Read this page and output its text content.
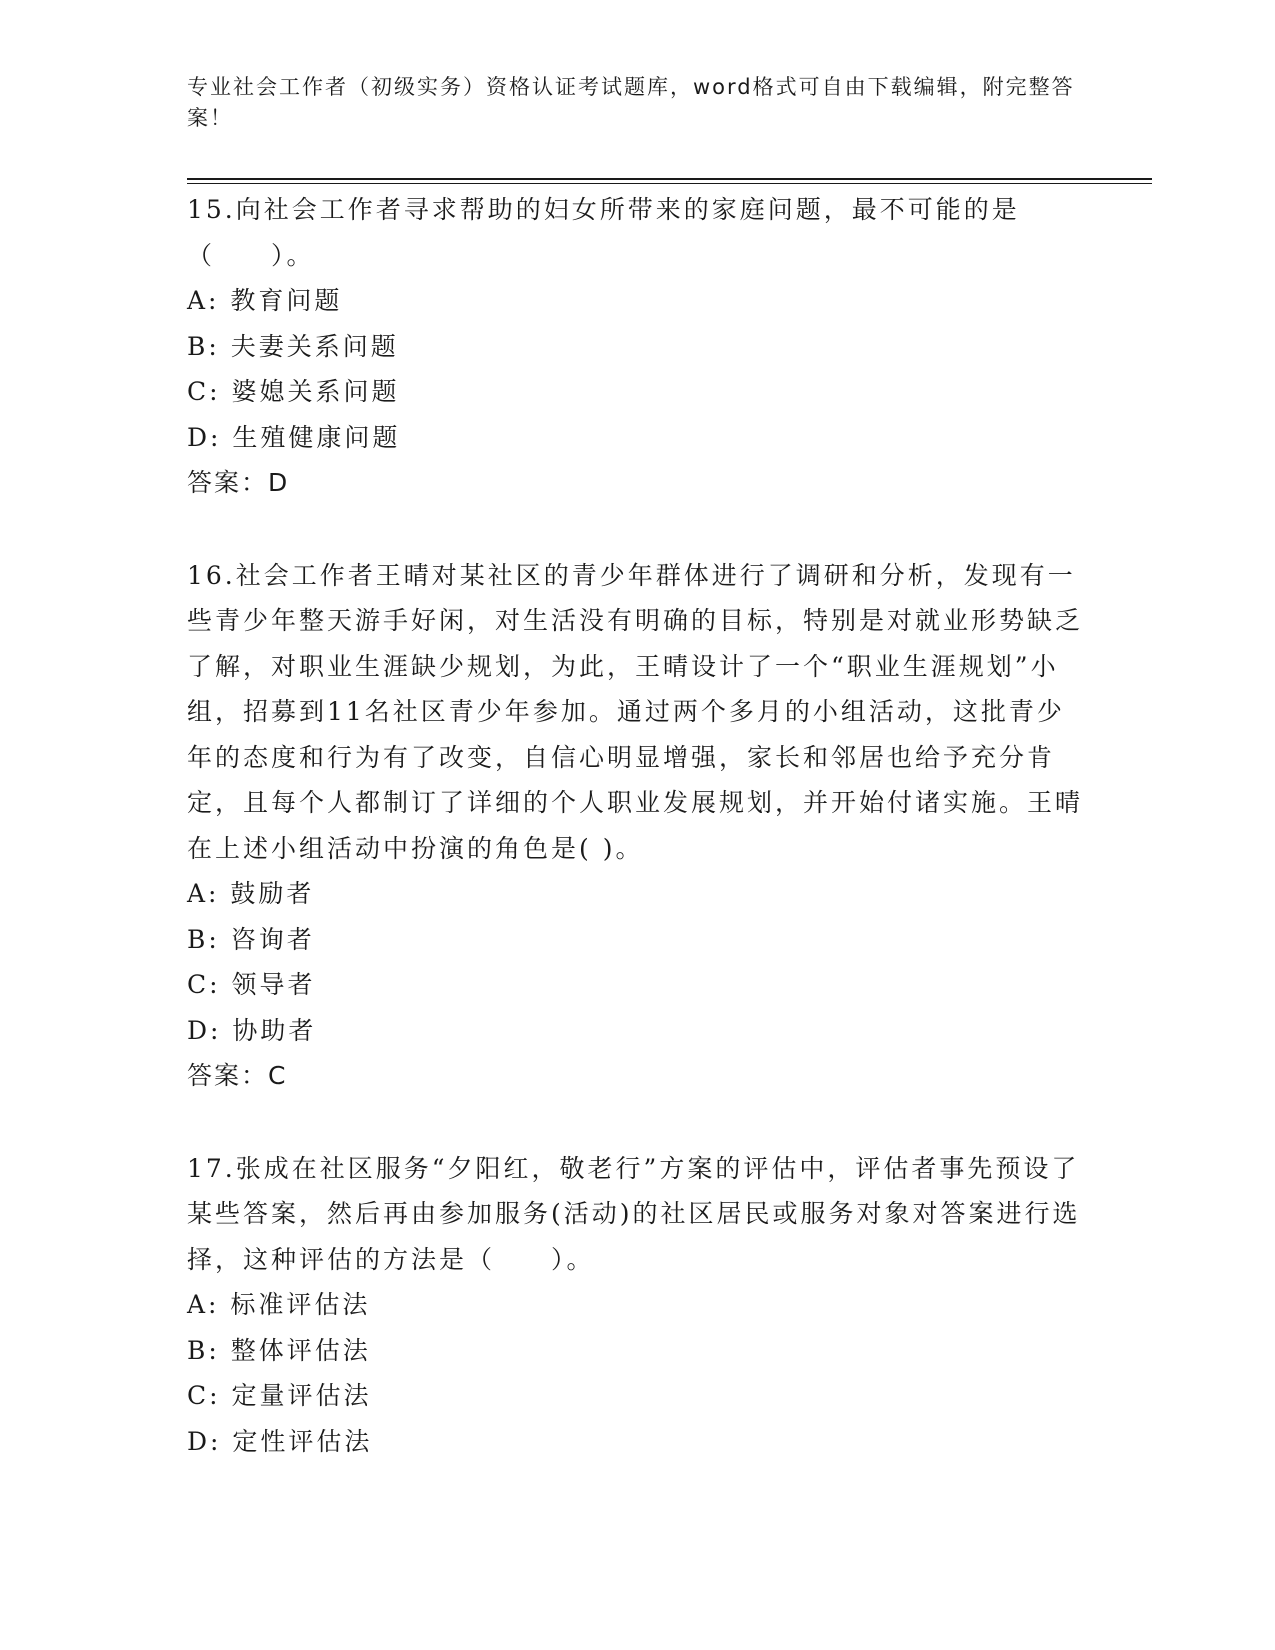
专业社会工作者（初级实务）资格认证考试题库，word格式可自由下载编辑，附完整答案！
15.向社会工作者寻求帮助的妇女所带来的家庭问题，最不可能的是（　　）。
A: 教育问题
B: 夫妻关系问题
C: 婆媳关系问题
D: 生殖健康问题
答案：D
16.社会工作者王晴对某社区的青少年群体进行了调研和分析，发现有一些青少年整天游手好闲，对生活没有明确的目标，特别是对就业形势缺乏了解，对职业生涯缺少规划，为此，王晴设计了一个“职业生涯规划”小组，招募到11名社区青少年参加。通过两个多月的小组活动，这批青少年的态度和行为有了改变，自信心明显增强，家长和邻居也给予充分肯定，且每个人都制订了详细的个人职业发展规划，并开始付诸实施。王晴在上述小组活动中扮演的角色是( )。
A: 鼓励者
B: 咨询者
C: 领导者
D: 协助者
答案：C
17.张成在社区服务“夕阳红，敬老行”方案的评估中，评估者事先预设了某些答案，然后再由参加服务(活动)的社区居民或服务对象对答案进行选择，这种评估的方法是（　　）。
A: 标准评估法
B: 整体评估法
C: 定量评估法
D: 定性评估法
